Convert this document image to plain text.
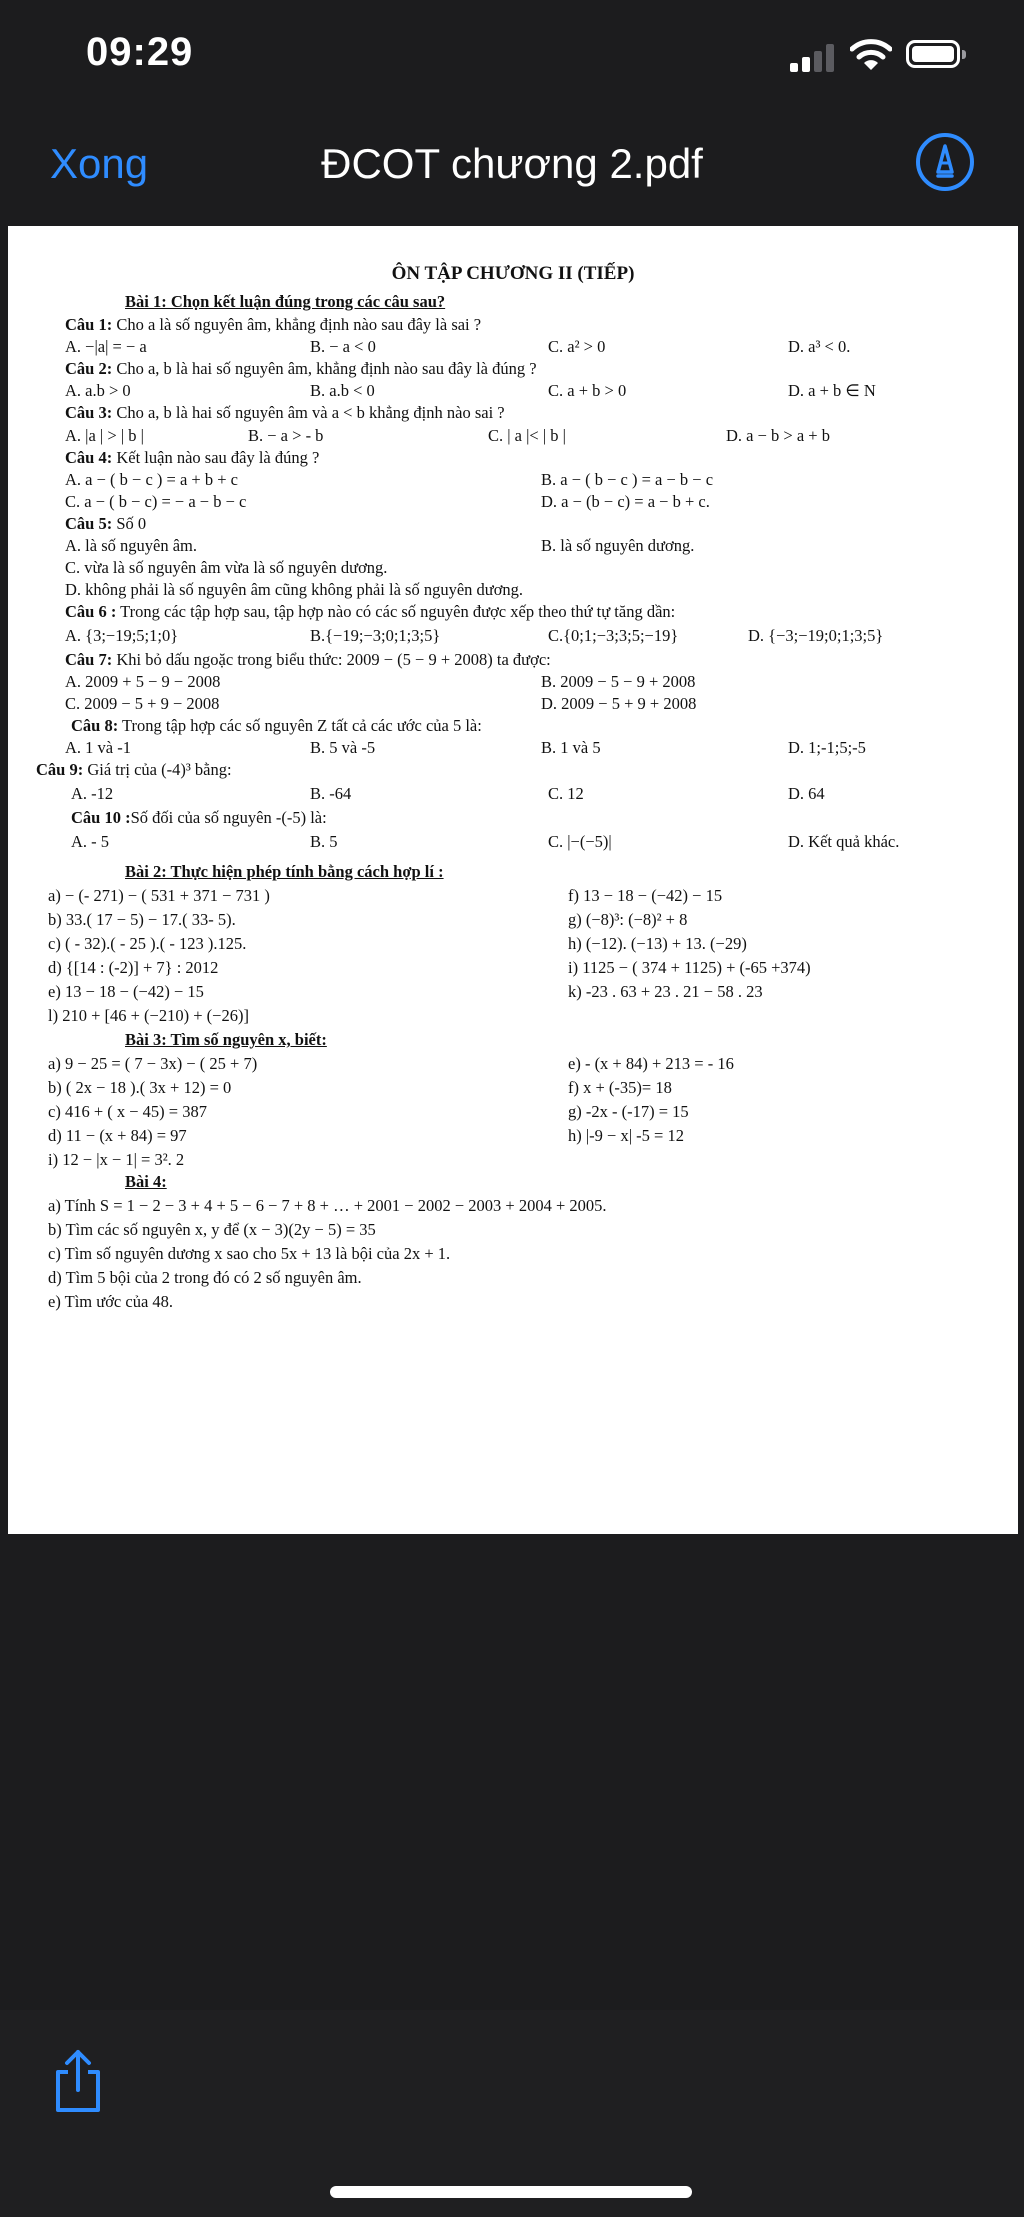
09:29
ĐCOT chương 2.pdf
Xong
ÔN TẬP CHƯƠNG II (TIẾP)
Bài 1: Chọn kết luận đúng trong các câu sau?
Câu 1: Cho a là số nguyên âm, khẳng định nào sau đây là sai ?
A. −|a| = − a	B. − a < 0	C. a² > 0	D. a³ < 0.
Câu 2: Cho a, b là hai số nguyên âm, khẳng định nào sau đây là đúng ?
A. a.b > 0	B. a.b < 0	C. a + b > 0	D. a + b ∈ N
Câu 3: Cho a, b là hai số nguyên âm và a < b khẳng định nào sai ?
A. |a | > | b |	B. − a > - b	C. | a |< | b |	D. a − b > a + b
Câu 4: Kết luận nào sau đây là đúng ?
A. a − ( b − c ) = a + b + c	B. a − ( b − c ) = a − b − c
C. a − ( b − c) = − a − b − c	D. a − (b − c) = a − b + c.
Câu 5: Số 0
A. là số nguyên âm.	B. là số nguyên dương.
C. vừa là số nguyên âm vừa là số nguyên dương.
D. không phải là số nguyên âm cũng không phải là số nguyên dương.
Câu 6 : Trong các tập hợp sau, tập hợp nào có các số nguyên được xếp theo thứ tự tăng dần:
A. {3;−19;5;1;0}	B.{−19;−3;0;1;3;5}	C.{0;1;−3;3;5;−19}	D. {−3;−19;0;1;3;5}
Câu 7: Khi bỏ dấu ngoặc trong biểu thức: 2009 − (5 − 9 + 2008) ta được:
A. 2009 + 5 − 9 − 2008	B. 2009 − 5 − 9 + 2008
C. 2009 − 5 + 9 − 2008	D. 2009 − 5 + 9 + 2008
Câu 8: Trong tập hợp các số nguyên Z tất cả các ước của 5 là:
A. 1 và -1	B. 5 và -5	B. 1 và 5	D. 1;-1;5;-5
Câu 9: Giá trị của (-4)³ bằng:
A. -12	B. -64	C. 12	D. 64
Câu 10 :Số đối của số nguyên -(-5) là:
A. - 5	B. 5	C. |−(−5)|	D. Kết quả khác.
Bài 2: Thực hiện phép tính bằng cách hợp lí :
a) − (- 271) − ( 531 + 371 − 731 )	f) 13 − 18 − (−42) − 15
b) 33.( 17 − 5) − 17.( 33- 5).	g) (−8)³: (−8)² + 8
c) ( - 32).( - 25 ).( - 123 ).125.	h) (−12). (−13) + 13. (−29)
d) {[14 : (-2)] + 7} : 2012	i) 1125 − ( 374 + 1125) + (-65 +374)
e) 13 − 18 − (−42) − 15	k) -23 . 63 + 23 . 21 − 58 . 23
l) 210 + [46 + (−210) + (−26)]
Bài 3: Tìm số nguyên x, biết:
a) 9 − 25 = ( 7 − 3x) − ( 25 + 7)	e) - (x + 84) + 213 = - 16
b) ( 2x − 18 ).( 3x + 12) = 0	f) x + (-35)= 18
c) 416 + ( x − 45) = 387	g) -2x - (-17) = 15
d) 11 − (x + 84) = 97	h) |-9 − x| -5 = 12
i) 12 − |x − 1| = 3². 2
Bài 4:
a) Tính S = 1 − 2 − 3 + 4 + 5 − 6 − 7 + 8 + … + 2001 − 2002 − 2003 + 2004 + 2005.
b) Tìm các số nguyên x, y để (x − 3)(2y − 5) = 35
c) Tìm số nguyên dương x sao cho 5x + 13 là bội của 2x + 1.
d) Tìm 5 bội của 2 trong đó có 2 số nguyên âm.
e) Tìm ước của 48.
